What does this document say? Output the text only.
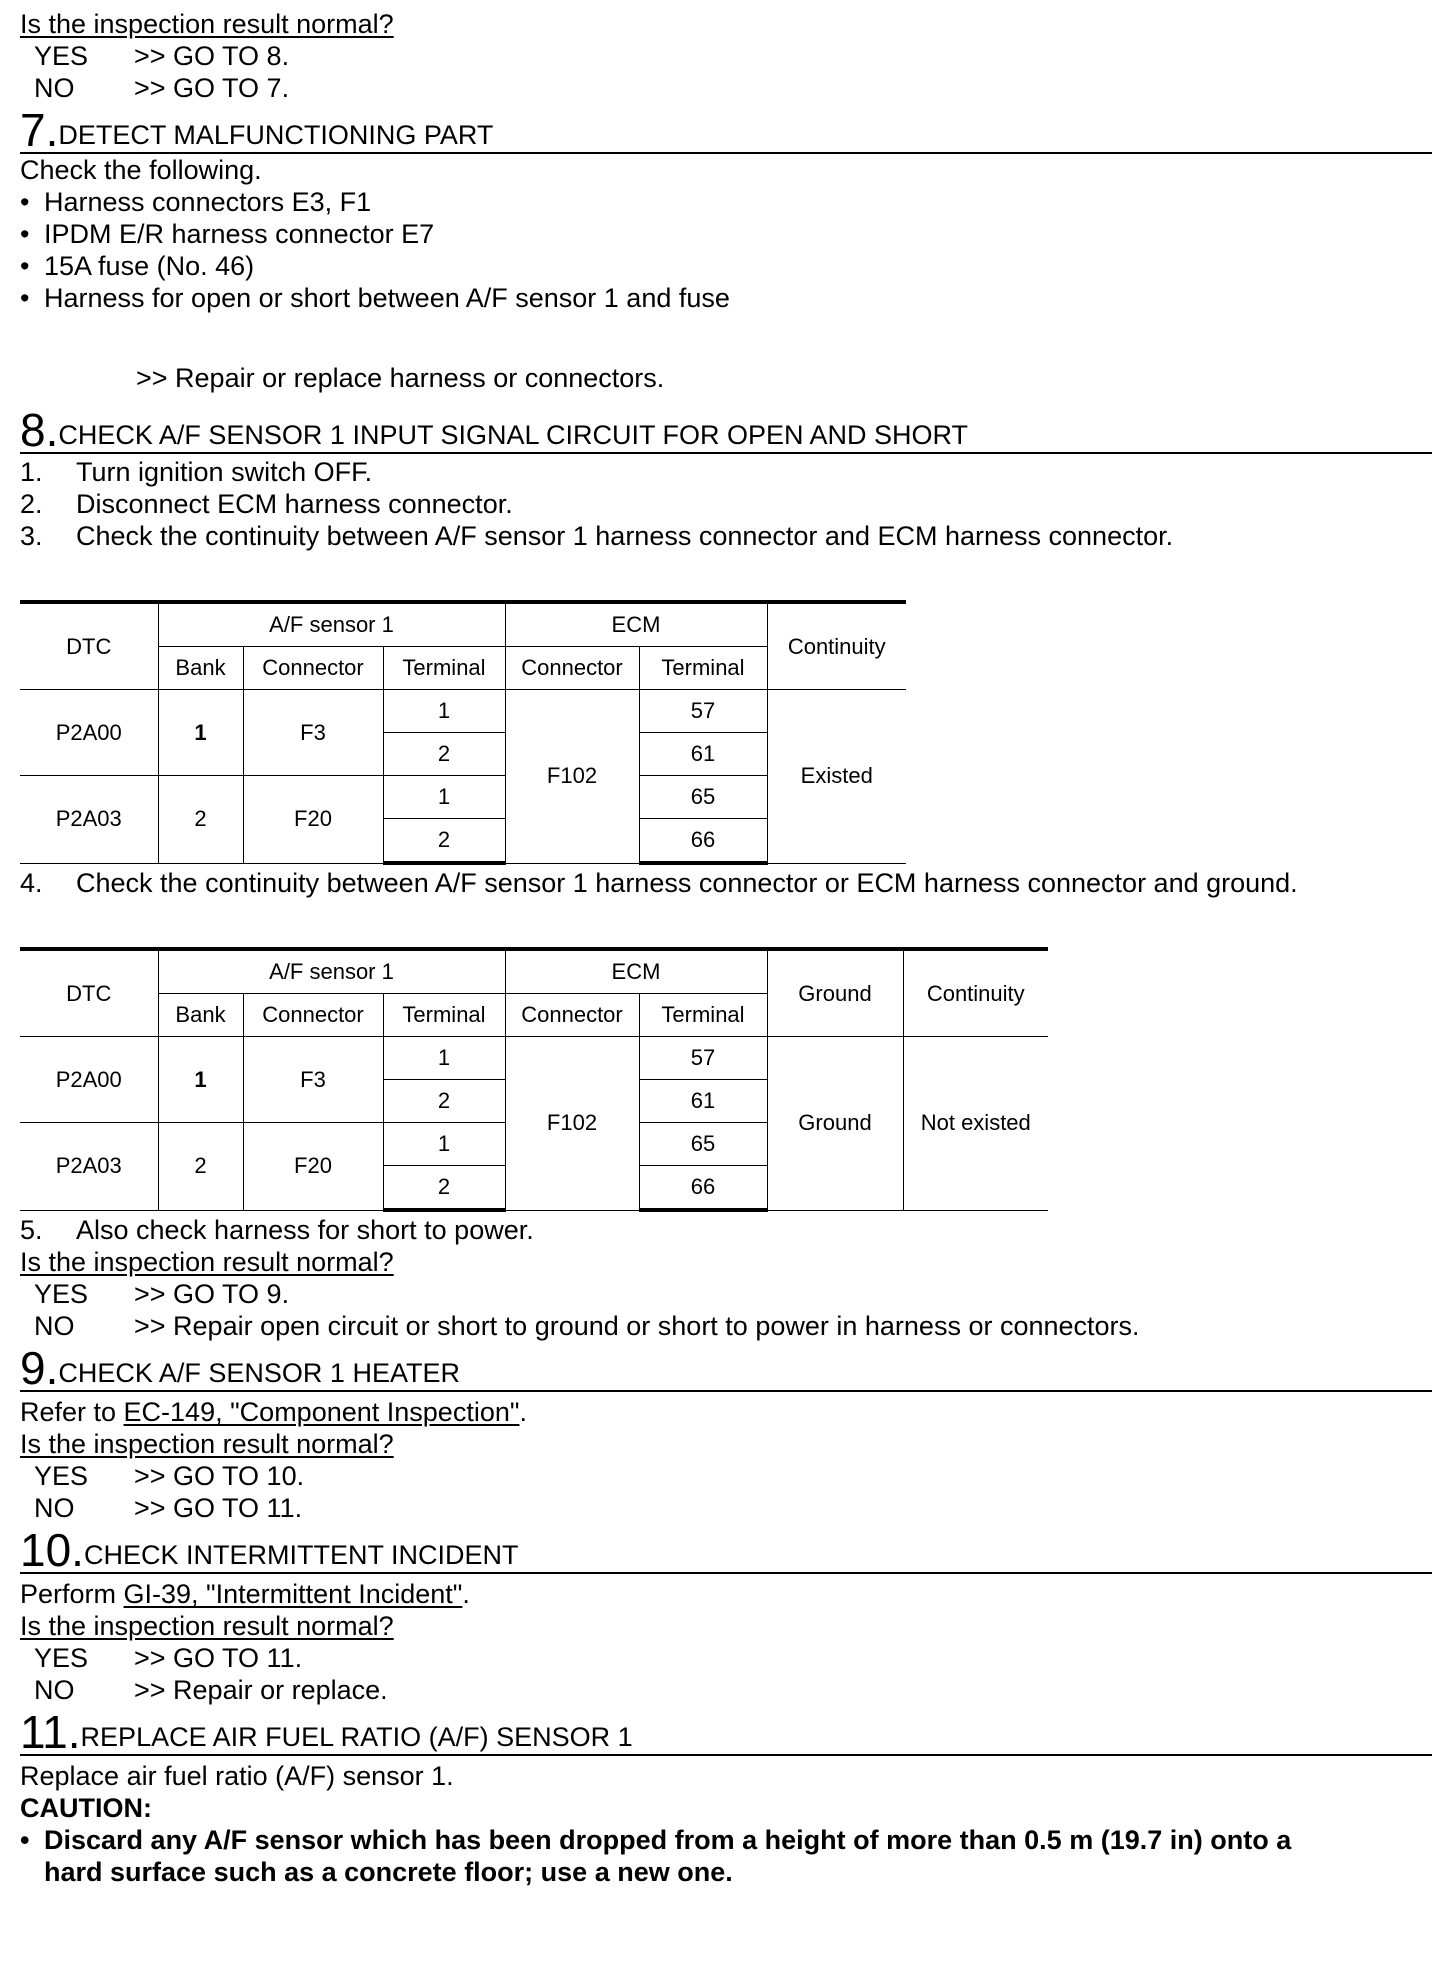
Is the inspection result normal?
YES	>> GO TO 8.
NO	>> GO TO 7.
7. DETECT MALFUNCTIONING PART
Check the following.
• Harness connectors E3, F1
• IPDM E/R harness connector E7
• 15A fuse (No. 46)
• Harness for open or short between A/F sensor 1 and fuse
>> Repair or replace harness or connectors.
8. CHECK A/F SENSOR 1 INPUT SIGNAL CIRCUIT FOR OPEN AND SHORT
1.	Turn ignition switch OFF.
2.	Disconnect ECM harness connector.
3.	Check the continuity between A/F sensor 1 harness connector and ECM harness connector.
DTC	A/F sensor 1			ECM		Continuity
	Bank	Connector	Terminal	Connector	Terminal	
P2A00	1	F3	1	F102	57	Existed
			2		61	
P2A03	2	F20	1		65	
			2		66	
4.	Check the continuity between A/F sensor 1 harness connector or ECM harness connector and ground.
DTC	A/F sensor 1			ECM		Ground	Continuity
	Bank	Connector	Terminal	Connector	Terminal		
P2A00	1	F3	1	F102	57	Ground	Not existed
			2		61		
P2A03	2	F20	1		65		
			2		66		
5.	Also check harness for short to power.
Is the inspection result normal?
YES	>> GO TO 9.
NO	>> Repair open circuit or short to ground or short to power in harness or connectors.
9. CHECK A/F SENSOR 1 HEATER
Refer to EC-149, "Component Inspection".
Is the inspection result normal?
YES	>> GO TO 10.
NO	>> GO TO 11.
10. CHECK INTERMITTENT INCIDENT
Perform GI-39, "Intermittent Incident".
Is the inspection result normal?
YES	>> GO TO 11.
NO	>> Repair or replace.
11. REPLACE AIR FUEL RATIO (A/F) SENSOR 1
Replace air fuel ratio (A/F) sensor 1.
CAUTION:
• Discard any A/F sensor which has been dropped from a height of more than 0.5 m (19.7 in) onto a
hard surface such as a concrete floor; use a new one.
